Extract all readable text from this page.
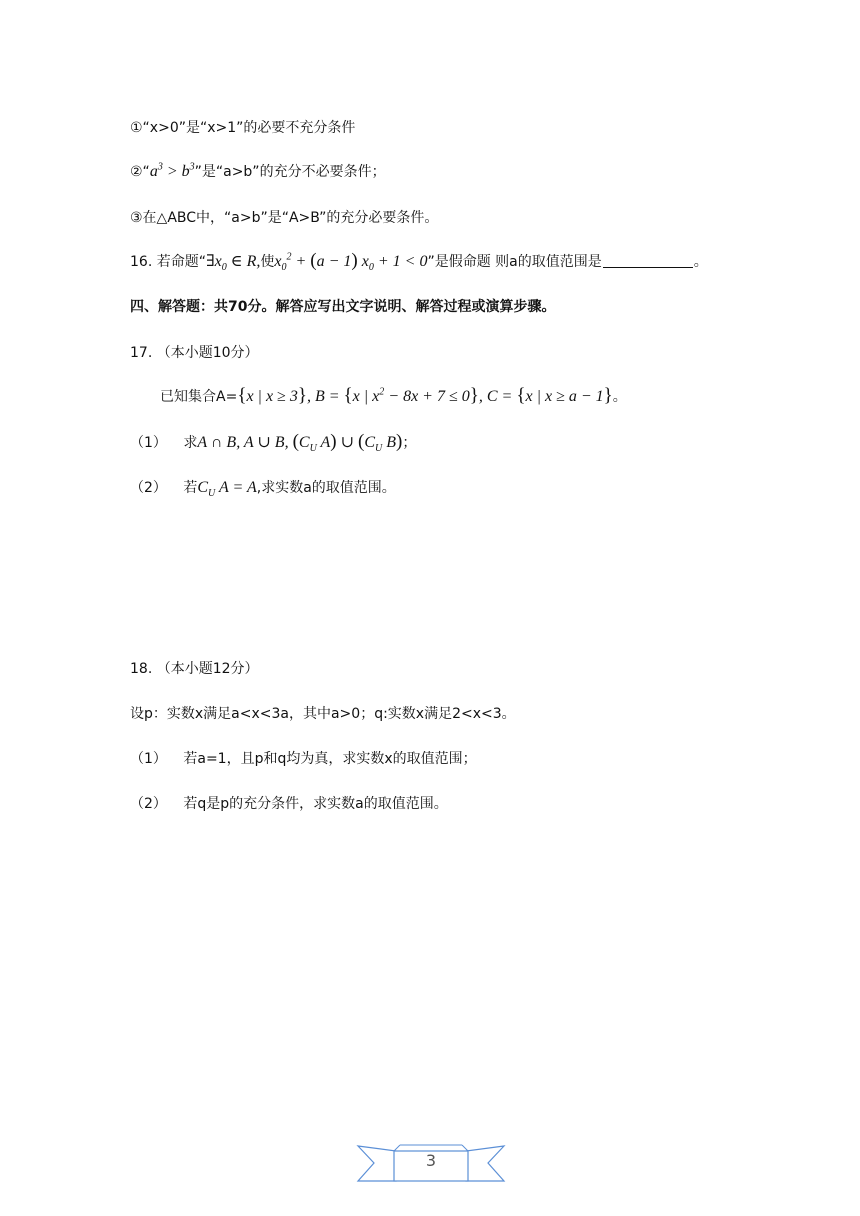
①“x>0”是“x>1”的必要不充分条件
$②“a^3 > b^3$”是“a>b”的充分不必要条件；
③在△ABC中，“a>b”是“A>B”的充分必要条件。
16. 若命题“$\exists x_0$ ∈ R,使$x_0^2 + (a - 1) x_0 + 1 < 0$”是假命题 则a的取值范围是	。
四、解答题：共70分。解答应写出文字说明、解答过程或演算步骤。
17. （本小题10分）
已知集合A={x | x ≥ 3}, B = {x | $x^2 - 8x + 7 \le 0$}, C = {x | x ≥ a − 1}。
（1） 求A ∩ B, A ∪ B, ($C_U$ A) ∪ ($C_U$ B)；
（2） 若$C_U$ A = A,求实数a的取值范围。
18. （本小题12分）
设p：实数x满足a<x<3a，其中a>0；q:实数x满足2<x<3。
（1） 若a=1，且p和q均为真，求实数x的取值范围；
（2） 若q是p的充分条件，求实数a的取值范围。
3
